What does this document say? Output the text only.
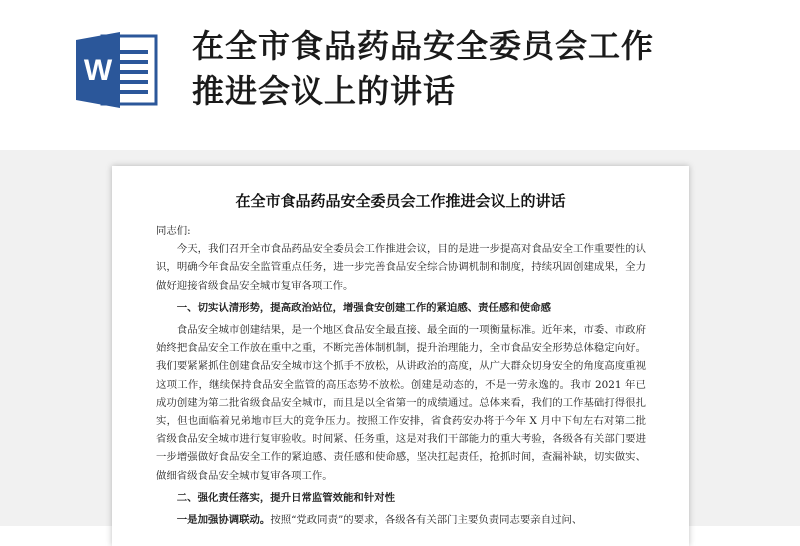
W
在全市食品药品安全委员会工作
推进会议上的讲话
在全市食品药品安全委员会工作推进会议上的讲话

同志们:

今天，我们召开全市食品药品安全委员会工作推进会议，目的是进一步提高对食品安全工作重要性的认识，明确今年食品安全监管重点任务，进一步完善食品安全综合协调机制和制度，持续巩固创建成果，全力做好迎接省级食品安全城市复审各项工作。

一、切实认清形势，提高政治站位，增强食安创建工作的紧迫感、责任感和使命感

食品安全城市创建结果，是一个地区食品安全最直接、最全面的一项衡量标准。近年来，市委、市政府始终把食品安全工作放在重中之重，不断完善体制机制，提升治理能力，全市食品安全形势总体稳定向好。我们要紧紧抓住创建食品安全城市这个抓手不放松，从讲政治的高度，从广大群众切身安全的角度高度重视这项工作，继续保持食品安全监管的高压态势不放松。创建是动态的，不是一劳永逸的。我市 2021 年已成功创建为第二批省级食品安全城市，而且是以全省第一的成绩通过。总体来看，我们的工作基础打得很扎实，但也面临着兄弟地市巨大的竞争压力。按照工作安排，省食药安办将于今年 X 月中下旬左右对第二批省级食品安全城市进行复审验收。时间紧、任务重，这是对我们干部能力的重大考验，各级各有关部门要进一步增强做好食品安全工作的紧迫感、责任感和使命感，坚决扛起责任，抢抓时间，查漏补缺，切实做实、做细省级食品安全城市复审各项工作。

二、强化责任落实，提升日常监管效能和针对性

一是加强协调联动。按照“党政同责”的要求，各级各有关部门主要负责同志要亲自过问、
